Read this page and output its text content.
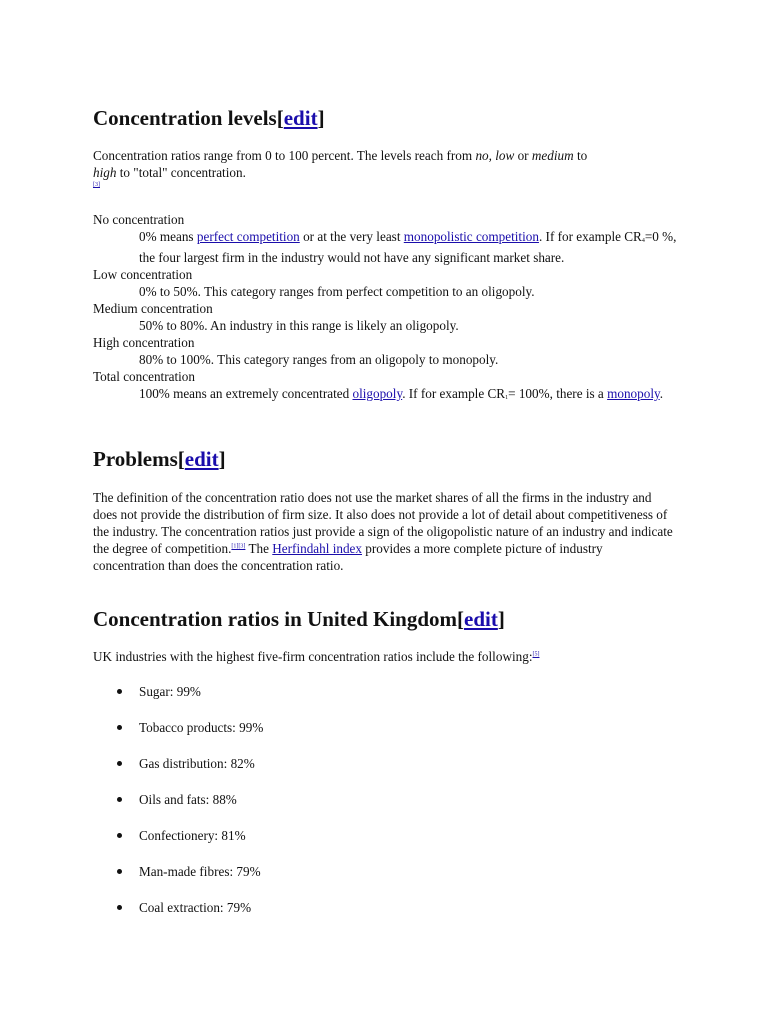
Concentration levels[edit]

Concentration ratios range from 0 to 100 percent. The levels reach from no, low or medium to
high to "total" concentration.

[3]
No concentration
0% means perfect competition or at the very least monopolistic competition. If for example $CR_4=0$ %, the four largest firm in the industry would not have any significant market share.
Low concentration
0% to 50%. This category ranges from perfect competition to an oligopoly.
Medium concentration
50% to 80%. An industry in this range is likely an oligopoly.
High concentration
80% to 100%. This category ranges from an oligopoly to monopoly.
Total concentration
100% means an extremely concentrated oligopoly. If for example $CR_1= 100\%$, there is a monopoly.
Problems[edit]

The definition of the concentration ratio does not use the market shares of all the firms in the industry and does not provide the distribution of firm size. It also does not provide a lot of detail about competitiveness of the industry. The concentration ratios just provide a sign of the oligopolistic nature of an industry and indicate the degree of competition.[1][3] The Herfindahl index provides a more complete picture of industry concentration than does the concentration ratio.

Concentration ratios in United Kingdom[edit]

UK industries with the highest five-firm concentration ratios include the following:[5]

Sugar: 99%
Tobacco products: 99%
Gas distribution: 82%
Oils and fats: 88%
Confectionery: 81%
Man-made fibres: 79%
Coal extraction: 79%
